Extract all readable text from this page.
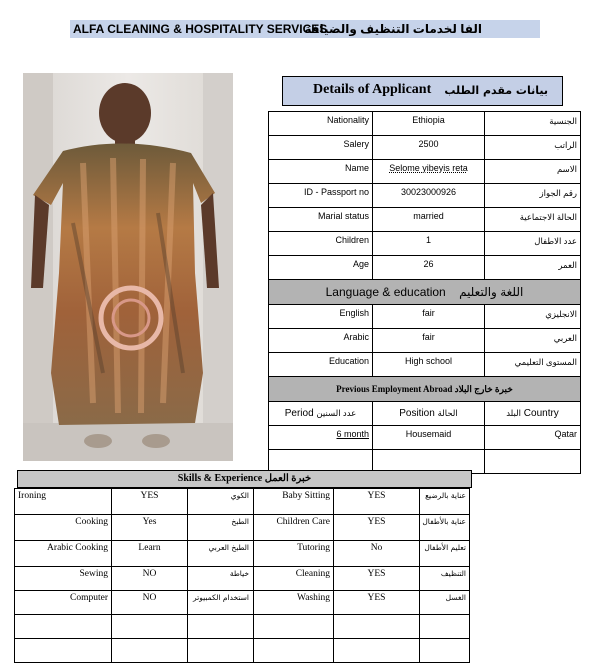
ALFA CLEANING & HOSPITALITY SERVICES
الفا لخدمات التنظيف والضيافة
Details of Applicant بيانات مقدم الطلب
Nationality	Ethiopia	الجنسية
Salery	2500	الراتب
Name	Selome yibeyis reta	الاسم
ID - Passport no	30023000926	رقم الجواز
Marial status	married	الحالة الاجتماعية
Children	1	عدد الاطفال
Age	26	العمر
Language & education اللغة والتعليم		
English	fair	الانجليزي
Arabic	fair	العربي
Education	High school	المستوى التعليمي
Previous Employment Abroad خبرة خارج البلاد		
Period عدد السنين	Position الحالة	البلد Country
6 month	Housemaid	Qatar

Skills & Experience خبرة العمل
Ironing	YES	الكوي	Baby Sitting	YES	عناية بالرضيع
Cooking	Yes	الطبخ	Children Care	YES	عناية بالأطفال
Arabic Cooking	Learn	الطبخ العربي	Tutoring	No	تعليم الأطفال
Sewing	NO	خياطة	Cleaning	YES	التنظيف
Computer	NO	استخدام الكمبيوتر	Washing	YES	الغسل
